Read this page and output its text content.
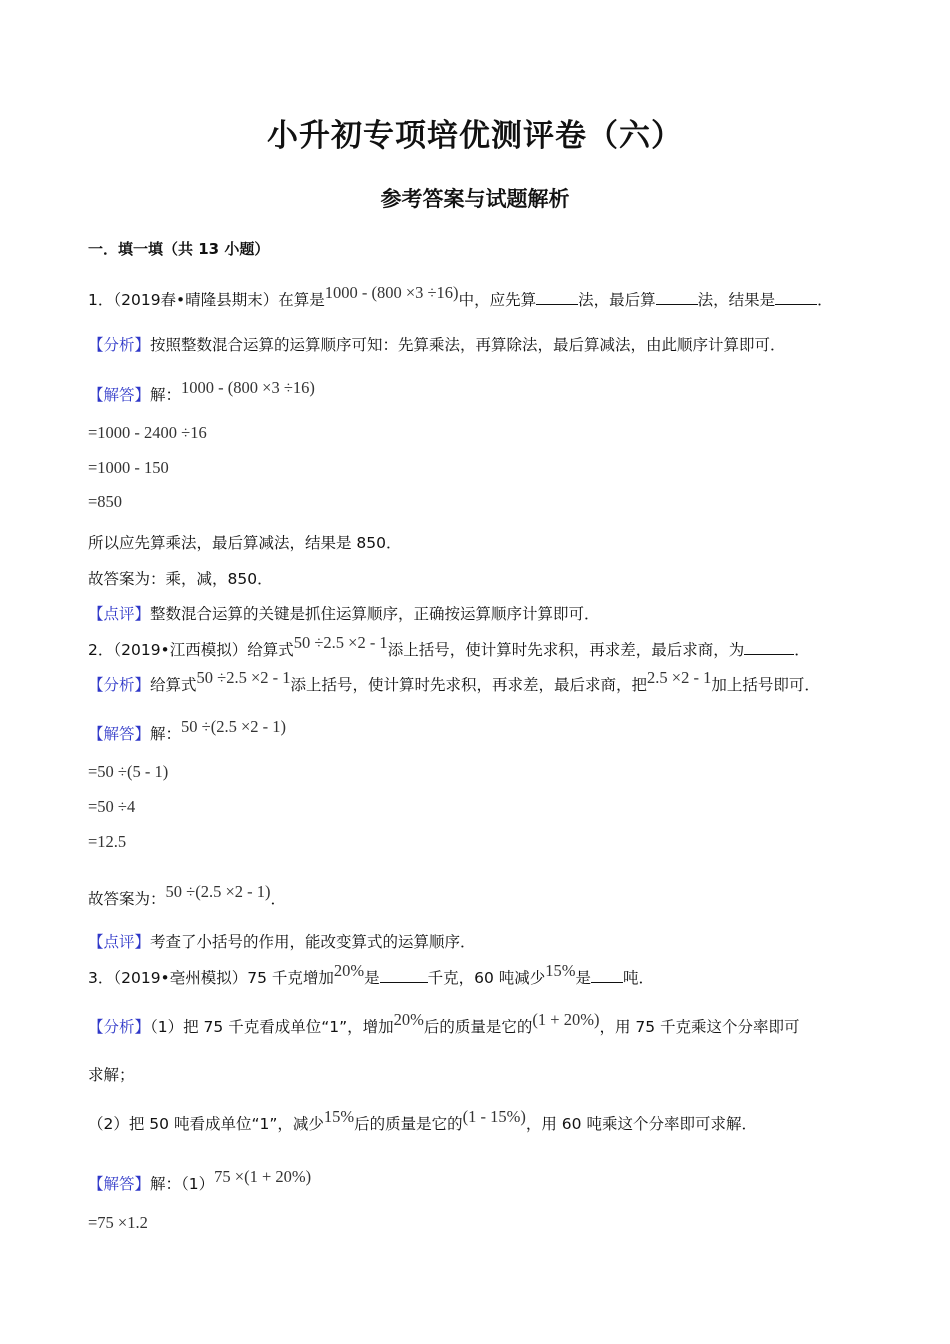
小升初专项培优测评卷（六）
参考答案与试题解析
一．填一填（共 13 小题）
1．（2019春•晴隆县期末）在算是1000 - (800 ×3 ÷16)中，应先算	法，最后算	法，结果是	．
【分析】按照整数混合运算的运算顺序可知：先算乘法，再算除法，最后算减法，由此顺序计算即可．
【解答】解：1000 - (800 ×3 ÷16)
=1000 - 2400 ÷16
=1000 - 150
=850
所以应先算乘法，最后算减法，结果是 850．
故答案为：乘，减，850．
【点评】整数混合运算的关键是抓住运算顺序，正确按运算顺序计算即可．
2．（2019•江西模拟）给算式50 ÷2.5 ×2 - 1添上括号，使计算时先求积，再求差，最后求商，为	．
【分析】给算式50 ÷2.5 ×2 - 1添上括号，使计算时先求积，再求差，最后求商，把2.5 ×2 - 1加上括号即可．
【解答】解：50 ÷(2.5 ×2 - 1)
=50 ÷(5 - 1)
=50 ÷4
=12.5
故答案为：50 ÷(2.5 ×2 - 1)．
【点评】考查了小括号的作用，能改变算式的运算顺序．
3．（2019•亳州模拟）75 千克增加20%是	千克，60 吨减少15%是 吨．
【分析】（1）把 75 千克看成单位“1”，增加20%后的质量是它的(1 + 20%)，用 75 千克乘这个分率即可
求解；
（2）把 50 吨看成单位“1”，减少15%后的质量是它的(1 - 15%)，用 60 吨乘这个分率即可求解．
【解答】解：（1）75 ×(1 + 20%)
=75 ×1.2
